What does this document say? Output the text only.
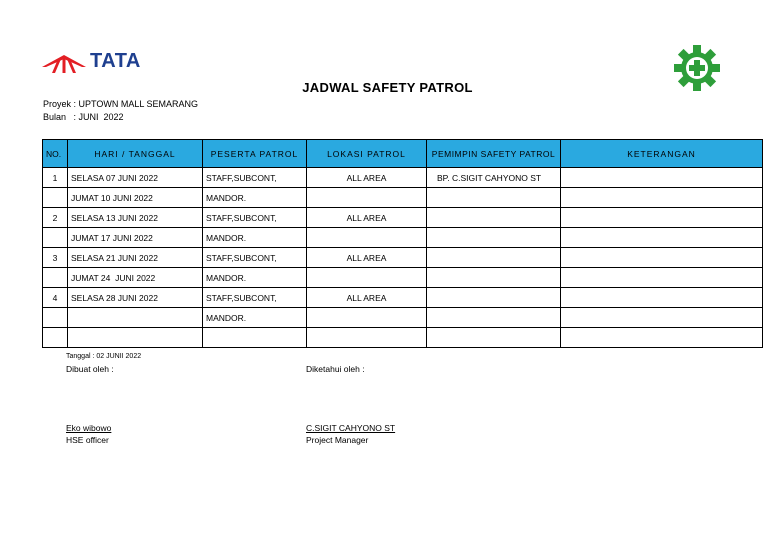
TATA
JADWAL SAFETY PATROL
Proyek : UPTOWN MALL SEMARANG
Bulan   : JUNI  2022
NO.	HARI / TANGGAL	PESERTA PATROL	LOKASI PATROL	PEMIMPIN SAFETY PATROL	KETERANGAN
1	SELASA 07 JUNI 2022	STAFF,SUBCONT,	ALL AREA	BP. C.SIGIT CAHYONO ST	
	JUMAT 10 JUNI 2022	MANDOR.			
2	SELASA 13 JUNI 2022	STAFF,SUBCONT,	ALL AREA		
	JUMAT 17 JUNI 2022	MANDOR.			
3	SELASA 21 JUNI 2022	STAFF,SUBCONT,	ALL AREA		
	JUMAT 24  JUNI 2022	MANDOR.			
4	SELASA 28 JUNI 2022	STAFF,SUBCONT,	ALL AREA		
		MANDOR.			

Tanggal : 02 JUNII 2022
Dibuat oleh :	Diketahui oleh :
Eko wibowo
HSE officer
C.SIGIT CAHYONO ST
Project Manager
